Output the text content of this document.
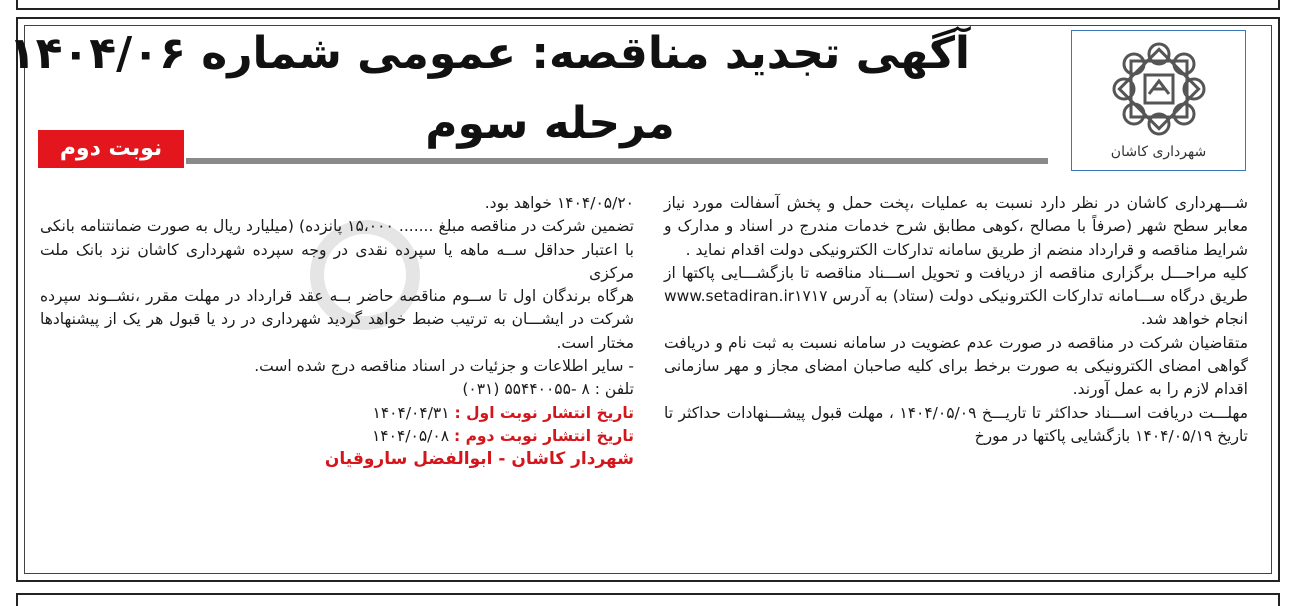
شهرداری کاشان
آگهی تجدید مناقصه: عمومی شماره ۱۴۰۴/۰۶
مرحله سوم
نوبت دوم

شـــهرداری کاشان در نظر دارد نسبت به عملیات ،پخت حمل و پخش آسفالت مورد نیاز معابر سطح شهر (صرفاً با مصالح ،کوهی مطابق شرح خدمات مندرج در اسناد و مدارک و شرایط مناقصه و قرارداد منضم از طریق سامانه تدارکات الکترونیکی دولت اقدام نماید .

کلیه مراحـــل برگزاری مناقصه از دریافت و تحویل اســـناد مناقصه تا بازگشـــایی پاکتها از طریق درگاه ســـامانه تدارکات الکترونیکی دولت (ستاد) به آدرس www.setadiran.ir۱۷۱۷ انجام خواهد شد.

متقاضیان شرکت در مناقصه در صورت عدم عضویت در سامانه نسبت به ثبت نام و دریافت گواهی امضای الکترونیکی به صورت برخط برای کلیه صاحبان امضای مجاز و مهر سازمانی اقدام لازم را به عمل آورند.

مهلـــت دریافت اســـناد حداکثر تا تاریـــخ ۱۴۰۴/۰۵/۰۹ ، مهلت قبول پیشـــنهادات حداکثر تا تاریخ ۱۴۰۴/۰۵/۱۹ بازگشایی پاکتها در مورخ

۱۴۰۴/۰۵/۲۰ خواهد بود.

تضمین شرکت در مناقصه مبلغ ....... ۱۵،۰۰۰ پانزده) (میلیارد ریال به صورت ضمانتنامه بانکی با اعتبار حداقل ســه ماهه یا سپرده نقدی در وجه سپرده شهرداری کاشان نزد بانک ملت مرکزی

هرگاه برندگان اول تا ســوم مناقصه حاضر بــه عقد قرارداد در مهلت مقرر ،نشــوند سپرده شرکت در ایشـــان به ترتیب ضبط خواهد گردید شهرداری در رد یا قبول هر یک از پیشنهادها مختار است.

- سایر اطلاعات و جزئیات در اسناد مناقصه درج شده است.

تلفن : ۸ -۵۵۴۴۰۰۵۵ (۰۳۱)

تاریخ انتشار نوبت اول : ۱۴۰۴/۰۴/۳۱

تاریخ انتشار نوبت دوم : ۱۴۰۴/۰۵/۰۸

شهردار کاشان - ابوالفضل ساروقیان
